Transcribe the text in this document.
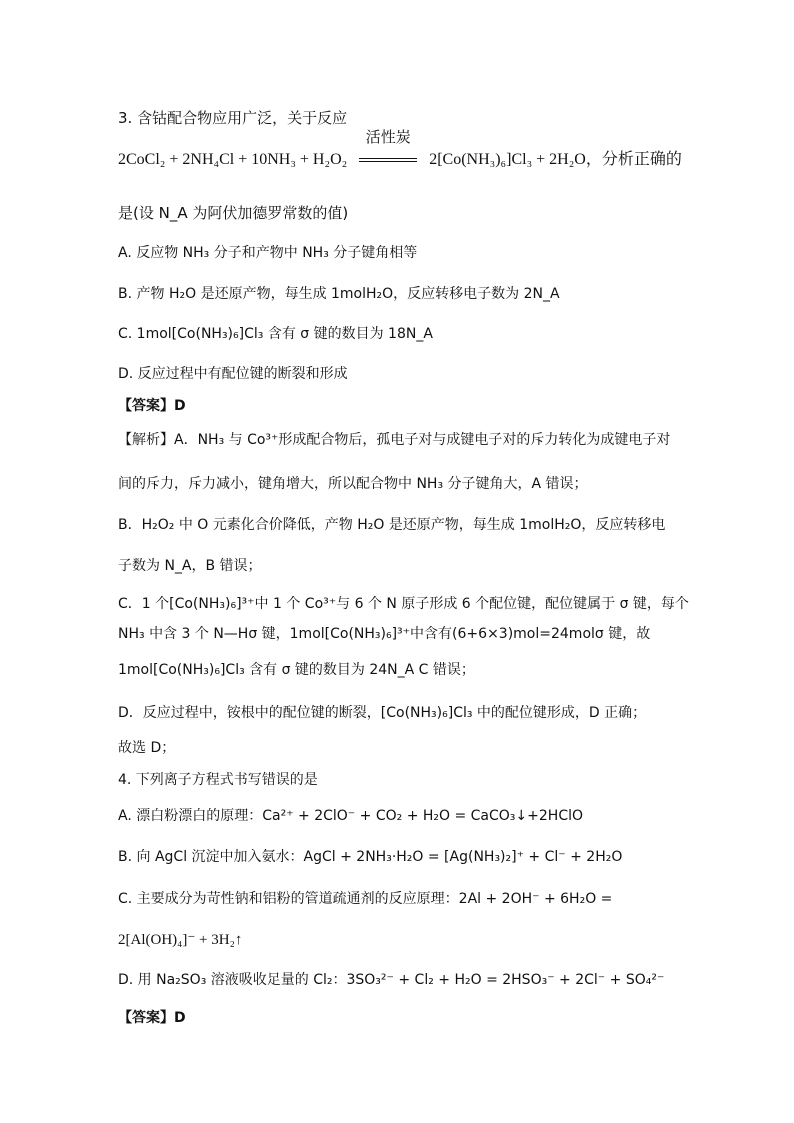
3. 含钴配合物应用广泛，关于反应
2CoCl₂ + 2NH₄Cl + 10NH₃ + H₂O₂
活性炭
2[Co(NH₃)₆]Cl₃ + 2H₂O，分析正确的
是(设 N_A 为阿伏加德罗常数的值)
A. 反应物 NH₃ 分子和产物中 NH₃ 分子键角相等
B. 产物 H₂O 是还原产物，每生成 1molH₂O，反应转移电子数为 2N_A
C. 1mol[Co(NH₃)₆]Cl₃ 含有 σ 键的数目为 18N_A
D. 反应过程中有配位键的断裂和形成
【答案】D
【解析】A．NH₃ 与 Co³⁺形成配合物后，孤电子对与成键电子对的斥力转化为成键电子对
间的斥力，斥力减小，键角增大，所以配合物中 NH₃ 分子键角大，A 错误；
B．H₂O₂ 中 O 元素化合价降低，产物 H₂O 是还原产物，每生成 1molH₂O，反应转移电
子数为 N_A，B 错误；
C．1 个[Co(NH₃)₆]³⁺中 1 个 Co³⁺与 6 个 N 原子形成 6 个配位键，配位键属于 σ 键，每个
NH₃ 中含 3 个 N—Hσ 键，1mol[Co(NH₃)₆]³⁺中含有(6+6×3)mol=24molσ 键，故
1mol[Co(NH₃)₆]Cl₃ 含有 σ 键的数目为 24N_A C 错误；
D．反应过程中，铵根中的配位键的断裂，[Co(NH₃)₆]Cl₃ 中的配位键形成，D 正确；
故选 D；
4. 下列离子方程式书写错误的是
A. 漂白粉漂白的原理：Ca²⁺ + 2ClO⁻ + CO₂ + H₂O = CaCO₃↓+2HClO
B. 向 AgCl 沉淀中加入氨水：AgCl + 2NH₃·H₂O = [Ag(NH₃)₂]⁺ + Cl⁻ + 2H₂O
C. 主要成分为苛性钠和铝粉的管道疏通剂的反应原理：2Al + 2OH⁻ + 6H₂O =
2[Al(OH)₄]⁻ + 3H₂↑
D. 用 Na₂SO₃ 溶液吸收足量的 Cl₂：3SO₃²⁻ + Cl₂ + H₂O = 2HSO₃⁻ + 2Cl⁻ + SO₄²⁻
【答案】D
